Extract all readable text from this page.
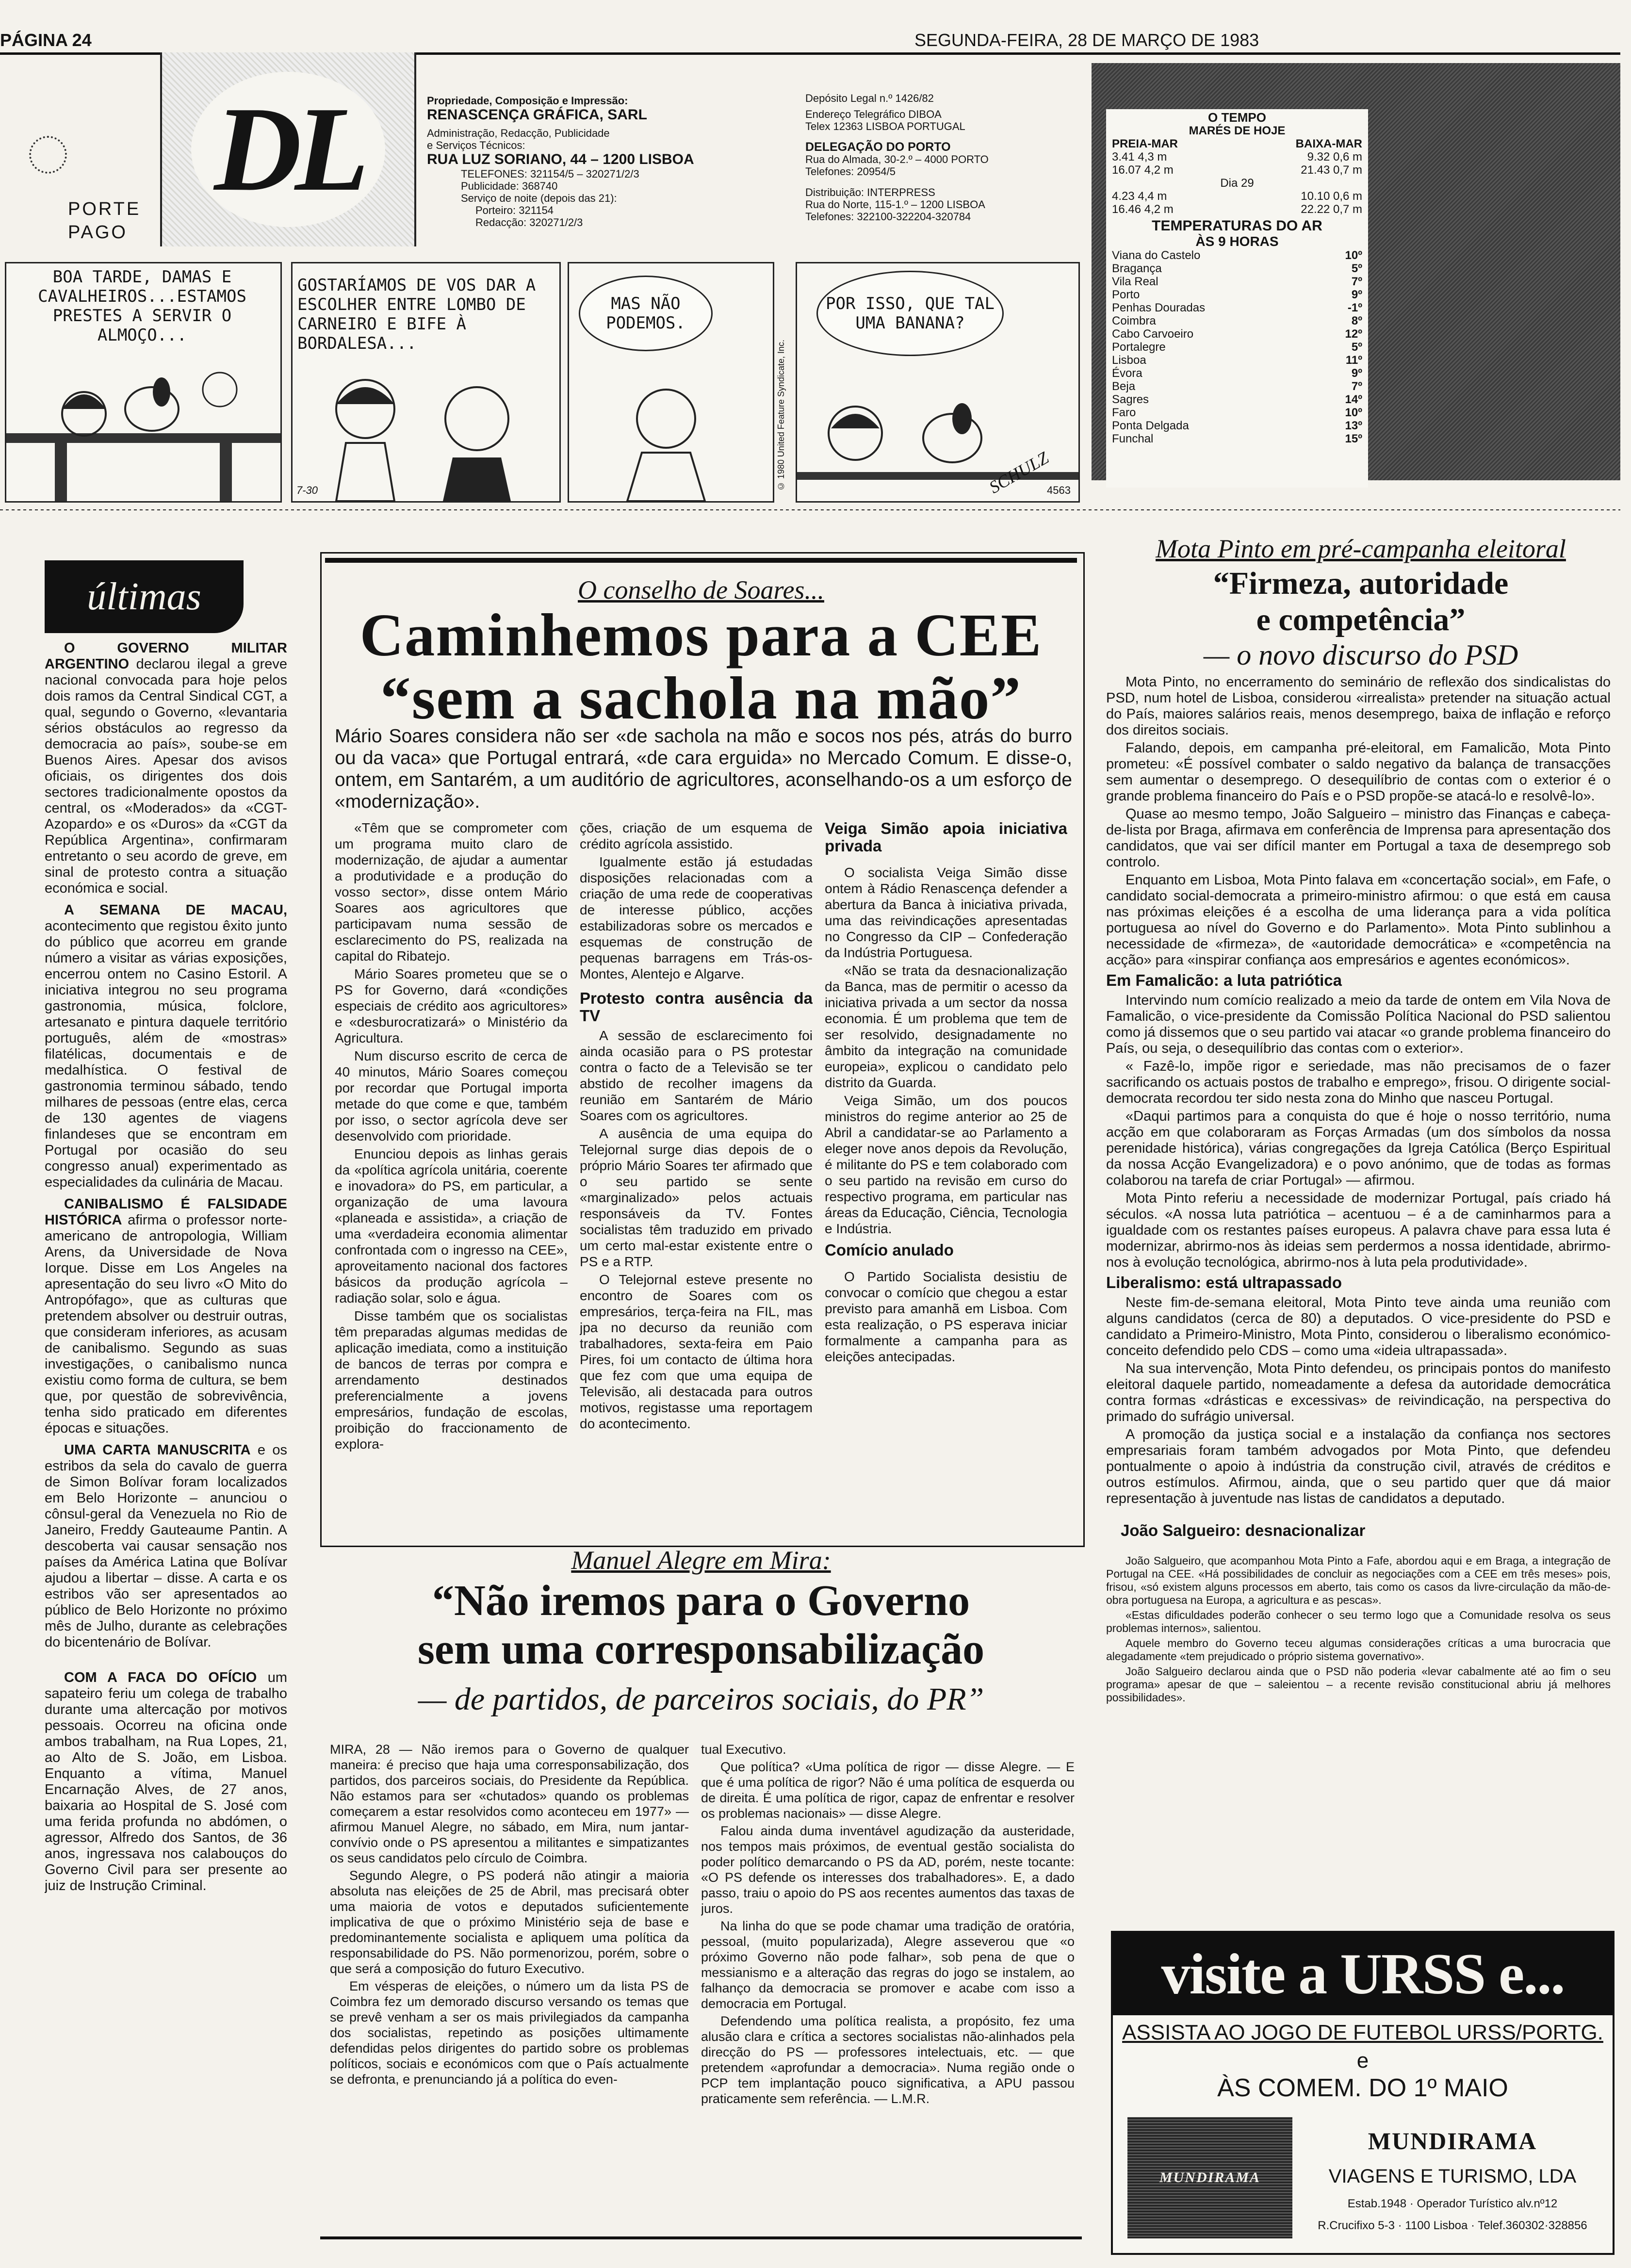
PÁGINA 24	SEGUNDA-FEIRA, 28 DE MARÇO DE 1983
PORTE
PAGO
DL	Propriedade, Composição e Impressão:
RENASCENÇA GRÁFICA, SARL
Administração, Redacção, Publicidade
e Serviços Técnicos:
RUA LUZ SORIANO, 44 – 1200 LISBOA
TELEFONES: 321154/5 – 320271/2/3
Publicidade: 368740
Serviço de noite (depois das 21):
Porteiro: 321154
Redacção: 320271/2/3
Depósito Legal n.º 1426/82
Endereço Telegráfico DIBOA
Telex 12363 LISBOA PORTUGAL
DELEGAÇÃO DO PORTO
Rua do Almada, 30-2.º – 4000 PORTO
Telefones: 20954/5
Distribuição: INTERPRESS
Rua do Norte, 115-1.º – 1200 LISBOA
Telefones: 322100-322204-320784
BOA TARDE, DAMAS E CAVALHEIROS...ESTAMOS PRESTES A SERVIR O ALMOÇO...
GOSTARÍAMOS DE VOS DAR A ESCOLHER ENTRE LOMBO DE CARNEIRO E BIFE À BORDALESA...
7-30
MAS NÃO PODEMOS.
© 1980 United Feature Syndicate, Inc.
POR ISSO, QUE TAL UMA BANANA?
SCHULZ
4563
O TEMPO
MARÉS DE HOJE
PREIA-MAR	BAIXA-MAR
3.41 4,3 m	9.32 0,6 m
16.07 4,2 m	21.43 0,7 m
Dia 29
4.23 4,4 m	10.10 0,6 m
16.46 4,2 m	22.22 0,7 m
TEMPERATURAS DO AR
ÀS 9 HORAS
Viana do Castelo	10º
Bragança	5º
Vila Real	7º
Porto	9º
Penhas Douradas	-1º
Coimbra	8º
Cabo Carvoeiro	12º
Portalegre	5º
Lisboa	11º
Évora	9º
Beja	7º
Sagres	14º
Faro	10º
Ponta Delgada	13º
Funchal	15º
últimas

O GOVERNO MILITAR ARGENTINO declarou ilegal a greve nacional convocada para hoje pelos dois ramos da Central Sindical CGT, a qual, segundo o Governo, «levantaria sérios obstáculos ao regresso da democracia ao país», soube-se em Buenos Aires. Apesar dos avisos oficiais, os dirigentes dos dois sectores tradicionalmente opostos da central, os «Moderados» da «CGT-Azopardo» e os «Duros» da «CGT da República Argentina», confirmaram entretanto o seu acordo de greve, em sinal de protesto contra a situação económica e social.

A SEMANA DE MACAU, acontecimento que registou êxito junto do público que acorreu em grande número a visitar as várias exposições, encerrou ontem no Casino Estoril. A iniciativa integrou no seu programa gastronomia, música, folclore, artesanato e pintura daquele território português, além de «mostras» filatélicas, documentais e de medalhística. O festival de gastronomia terminou sábado, tendo milhares de pessoas (entre elas, cerca de 130 agentes de viagens finlandeses que se encontram em Portugal por ocasião do seu congresso anual) experimentado as especialidades da culinária de Macau.

CANIBALISMO É FALSIDADE HISTÓRICA afirma o professor norte-americano de antropologia, William Arens, da Universidade de Nova Iorque. Disse em Los Angeles na apresentação do seu livro «O Mito do Antropófago», que as culturas que pretendem absolver ou destruir outras, que consideram inferiores, as acusam de canibalismo. Segundo as suas investigações, o canibalismo nunca existiu como forma de cultura, se bem que, por questão de sobrevivência, tenha sido praticado em diferentes épocas e situações.

UMA CARTA MANUSCRITA e os estribos da sela do cavalo de guerra de Simon Bolívar foram localizados em Belo Horizonte – anunciou o cônsul-geral da Venezuela no Rio de Janeiro, Freddy Gauteaume Pantin. A descoberta vai causar sensação nos países da América Latina que Bolívar ajudou a libertar – disse. A carta e os estribos vão ser apresentados ao público de Belo Horizonte no próximo mês de Julho, durante as celebrações do bicentenário de Bolívar.

COM A FACA DO OFÍCIO um sapateiro feriu um colega de trabalho durante uma altercação por motivos pessoais. Ocorreu na oficina onde ambos trabalham, na Rua Lopes, 21, ao Alto de S. João, em Lisboa. Enquanto a vítima, Manuel Encarnação Alves, de 27 anos, baixaria ao Hospital de S. José com uma ferida profunda no abdómen, o agressor, Alfredo dos Santos, de 36 anos, ingressava nos calabouços do Governo Civil para ser presente ao juiz de Instrução Criminal.

O conselho de Soares...
Caminhemos para a CEE
“sem a sachola na mão”
Mário Soares considera não ser «de sachola na mão e socos nos pés, atrás do burro ou da vaca» que Portugal entrará, «de cara erguida» no Mercado Comum. E disse-o, ontem, em Santarém, a um auditório de agricultores, aconselhando-os a um esforço de «modernização».

«Têm que se comprometer com um programa muito claro de modernização, de ajudar a aumentar a produtividade e a produção do vosso sector», disse ontem Mário Soares aos agricultores que participavam numa sessão de esclarecimento do PS, realizada na capital do Ribatejo.

Mário Soares prometeu que se o PS for Governo, dará «condições especiais de crédito aos agricultores» e «desburocratizará» o Ministério da Agricultura.

Num discurso escrito de cerca de 40 minutos, Mário Soares começou por recordar que Portugal importa metade do que come e que, também por isso, o sector agrícola deve ser desenvolvido com prioridade.

Enunciou depois as linhas gerais da «política agrícola unitária, coerente e inovadora» do PS, em particular, a organização de uma lavoura «planeada e assistida», a criação de uma «verdadeira economia alimentar confrontada com o ingresso na CEE», aproveitamento nacional dos factores básicos da produção agrícola – radiação solar, solo e água.

Disse também que os socialistas têm preparadas algumas medidas de aplicação imediata, como a instituição de bancos de terras por compra e arrendamento destinados preferencialmente a jovens empresários, fundação de escolas, proibição do fraccionamento de explora-

ções, criação de um esquema de crédito agrícola assistido.

Igualmente estão já estudadas disposições relacionadas com a criação de uma rede de cooperativas de interesse público, acções estabilizadoras sobre os mercados e esquemas de construção de pequenas barragens em Trás-os-Montes, Alentejo e Algarve.

Protesto contra ausência da TV

A sessão de esclarecimento foi ainda ocasião para o PS protestar contra o facto de a Televisão se ter abstido de recolher imagens da reunião em Santarém de Mário Soares com os agricultores.

A ausência de uma equipa do Telejornal surge dias depois de o próprio Mário Soares ter afirmado que o seu partido se sente «marginalizado» pelos actuais responsáveis da TV. Fontes socialistas têm traduzido em privado um certo mal-estar existente entre o PS e a RTP.

O Telejornal esteve presente no encontro de Soares com os empresários, terça-feira na FIL, mas jpa no decurso da reunião com trabalhadores, sexta-feira em Paio Pires, foi um contacto de última hora que fez com que uma equipa de Televisão, ali destacada para outros motivos, registasse uma reportagem do acontecimento.

Veiga Simão apoia iniciativa privada

O socialista Veiga Simão disse ontem à Rádio Renascença defender a abertura da Banca à iniciativa privada, uma das reivindicações apresentadas no Congresso da CIP – Confederação da Indústria Portuguesa.

«Não se trata da desnacionalização da Banca, mas de permitir o acesso da iniciativa privada a um sector da nossa economia. É um problema que tem de ser resolvido, designadamente no âmbito da integração na comunidade europeia», explicou o candidato pelo distrito da Guarda.

Veiga Simão, um dos poucos ministros do regime anterior ao 25 de Abril a candidatar-se ao Parlamento a eleger nove anos depois da Revolução, é militante do PS e tem colaborado com o seu partido na revisão em curso do respectivo programa, em particular nas áreas da Educação, Ciência, Tecnologia e Indústria.

Comício anulado

O Partido Socialista desistiu de convocar o comício que chegou a estar previsto para amanhã em Lisboa. Com esta realização, o PS esperava iniciar formalmente a campanha para as eleições antecipadas.

Manuel Alegre em Mira:
“Não iremos para o Governo
sem uma corresponsabilização
— de partidos, de parceiros sociais, do PR”

MIRA, 28 — Não iremos para o Governo de qualquer maneira: é preciso que haja uma corresponsabilização, dos partidos, dos parceiros sociais, do Presidente da República. Não estamos para ser «chutados» quando os problemas começarem a estar resolvidos como aconteceu em 1977» — afirmou Manuel Alegre, no sábado, em Mira, num jantar-convívio onde o PS apresentou a militantes e simpatizantes os seus candidatos pelo círculo de Coimbra.

Segundo Alegre, o PS poderá não atingir a maioria absoluta nas eleições de 25 de Abril, mas precisará obter uma maioria de votos e deputados suficientemente implicativa de que o próximo Ministério seja de base e predominantemente socialista e apliquem uma política da responsabilidade do PS. Não pormenorizou, porém, sobre o que será a composição do futuro Executivo.

Em vésperas de eleições, o número um da lista PS de Coimbra fez um demorado discurso versando os temas que se prevê venham a ser os mais privilegiados da campanha dos socialistas, repetindo as posições ultimamente defendidas pelos dirigentes do partido sobre os problemas políticos, sociais e económicos com que o País actualmente se defronta, e prenunciando já a política do even-

tual Executivo.

Que política? «Uma política de rigor — disse Alegre. — E que é uma política de rigor? Não é uma política de esquerda ou de direita. É uma política de rigor, capaz de enfrentar e resolver os problemas nacionais» — disse Alegre.

Falou ainda duma inventável agudização da austeridade, nos tempos mais próximos, de eventual gestão socialista do poder político demarcando o PS da AD, porém, neste tocante: «O PS defende os interesses dos trabalhadores». E, a dado passo, traiu o apoio do PS aos recentes aumentos das taxas de juros.

Na linha do que se pode chamar uma tradição de oratória, pessoal, (muito popularizada), Alegre asseverou que «o próximo Governo não pode falhar», sob pena de que o messianismo e a alteração das regras do jogo se instalem, ao falhanço da democracia se promover e acabe com isso a democracia em Portugal.

Defendendo uma política realista, a propósito, fez uma alusão clara e crítica a sectores socialistas não-alinhados pela direcção do PS — professores intelectuais, etc. — que pretendem «aprofundar a democracia». Numa região onde o PCP tem implantação pouco significativa, a APU passou praticamente sem referência. — L.M.R.

Mota Pinto em pré-campanha eleitoral
“Firmeza, autoridade
e competência”
— o novo discurso do PSD

Mota Pinto, no encerramento do seminário de reflexão dos sindicalistas do PSD, num hotel de Lisboa, considerou «irrealista» pretender na situação actual do País, maiores salários reais, menos desemprego, baixa de inflação e reforço dos direitos sociais.

Falando, depois, em campanha pré-eleitoral, em Famalicão, Mota Pinto prometeu: «É possível combater o saldo negativo da balança de transacções sem aumentar o desemprego. O desequilíbrio de contas com o exterior é o grande problema financeiro do País e o PSD propõe-se atacá-lo e resolvê-lo».

Quase ao mesmo tempo, João Salgueiro – ministro das Finanças e cabeça-de-lista por Braga, afirmava em conferência de Imprensa para apresentação dos candidatos, que vai ser difícil manter em Portugal a taxa de desemprego sob controlo.

Enquanto em Lisboa, Mota Pinto falava em «concertação social», em Fafe, o candidato social-democrata a primeiro-ministro afirmou: o que está em causa nas próximas eleições é a escolha de uma liderança para a vida política portuguesa ao nível do Governo e do Parlamento». Mota Pinto sublinhou a necessidade de «firmeza», de «autoridade democrática» e «competência na acção» para «inspirar confiança aos empresários e agentes económicos».

Em Famalicão: a luta patriótica

Intervindo num comício realizado a meio da tarde de ontem em Vila Nova de Famalicão, o vice-presidente da Comissão Política Nacional do PSD salientou como já dissemos que o seu partido vai atacar «o grande problema financeiro do País, ou seja, o desequilíbrio das contas com o exterior».

« Fazê-lo, impõe rigor e seriedade, mas não precisamos de o fazer sacrificando os actuais postos de trabalho e emprego», frisou. O dirigente social-democrata recordou ter sido nesta zona do Minho que nasceu Portugal.

«Daqui partimos para a conquista do que é hoje o nosso território, numa acção em que colaboraram as Forças Armadas (um dos símbolos da nossa perenidade histórica), várias congregações da Igreja Católica (Berço Espiritual da nossa Acção Evangelizadora) e o povo anónimo, que de todas as formas colaborou na tarefa de criar Portugal» — afirmou.

Mota Pinto referiu a necessidade de modernizar Portugal, país criado há séculos. «A nossa luta patriótica – acentuou – é a de caminharmos para a igualdade com os restantes países europeus. A palavra chave para essa luta é modernizar, abrirmo-nos às ideias sem perdermos a nossa identidade, abrirmo-nos à evolução tecnológica, abrirmo-nos à luta pela produtividade».

Liberalismo: está ultrapassado

Neste fim-de-semana eleitoral, Mota Pinto teve ainda uma reunião com alguns candidatos (cerca de 80) a deputados. O vice-presidente do PSD e candidato a Primeiro-Ministro, Mota Pinto, considerou o liberalismo económico-conceito defendido pelo CDS – como uma «ideia ultrapassada».

Na sua intervenção, Mota Pinto defendeu, os principais pontos do manifesto eleitoral daquele partido, nomeadamente a defesa da autoridade democrática contra formas «drásticas e excessivas» de reivindicação, na perspectiva do primado do sufrágio universal.

A promoção da justiça social e a instalação da confiança nos sectores empresariais foram também advogados por Mota Pinto, que defendeu pontualmente o apoio à indústria da construção civil, através de créditos e outros estímulos. Afirmou, ainda, que o seu partido quer que dá maior representação à juventude nas listas de candidatos a deputado.

João Salgueiro: desnacionalizar

João Salgueiro, que acompanhou Mota Pinto a Fafe, abordou aqui e em Braga, a integração de Portugal na CEE. «Há possibilidades de concluir as negociações com a CEE em três meses» pois, frisou, «só existem alguns processos em aberto, tais como os casos da livre-circulação da mão-de-obra portuguesa na Europa, a agricultura e as pescas».

«Estas dificuldades poderão conhecer o seu termo logo que a Comunidade resolva os seus problemas internos», salientou.

Aquele membro do Governo teceu algumas considerações críticas a uma burocracia que alegadamente «tem prejudicado o próprio sistema governativo».

João Salgueiro declarou ainda que o PSD não poderia «levar cabalmente até ao fim o seu programa» apesar de que – saleientou – a recente revisão constitucional abriu já melhores possibilidades».

visite a URSS e...
ASSISTA AO JOGO DE FUTEBOL URSS/PORTG.
e
ÀS COMEM. DO 1º MAIO
MUNDIRAMA
MUNDIRAMA
VIAGENS E TURISMO, LDA
Estab.1948 · Operador Turístico alv.nº12
R.Crucifixo 5-3 · 1100 Lisboa · Telef.360302·328856
